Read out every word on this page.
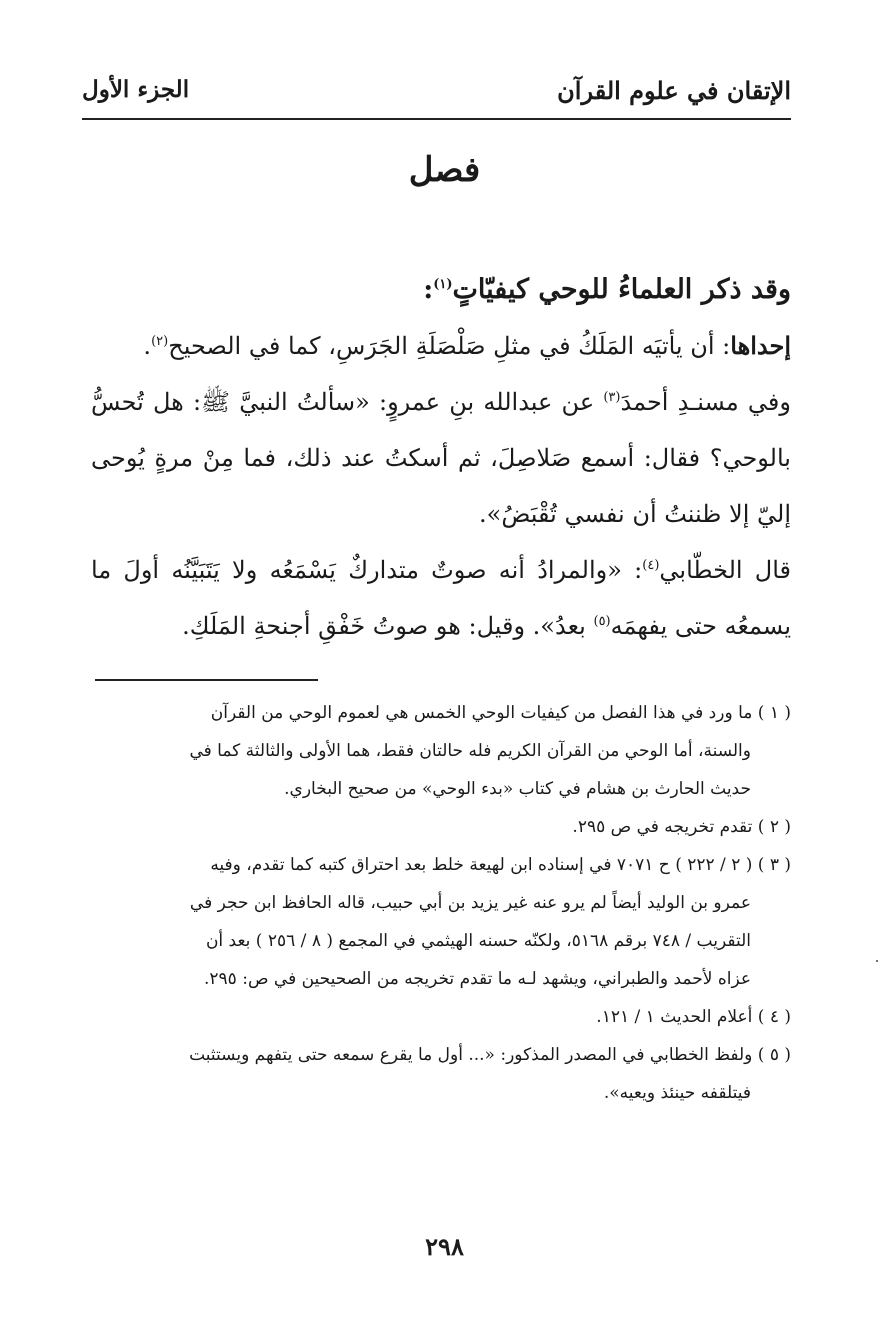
الإتقان في علوم القرآن
الجزء الأول
فصل

وقد ذكر العلماءُ للوحي كيفيّاتٍ$^{(١)}$:

إحداها: أن يأتيَه المَلَكُ في مثلِ صَلْصَلَةِ الجَرَسِ، كما في الصحيح$^{(٢)}$.

وفي مسنـدِ أحمدَ$^{(٣)}$ عن عبدالله بنِ عمروٍ: «سألتُ النبيَّ ﷺ: هل تُحسُّ بالوحي؟ فقال: أسمع صَلاصِلَ، ثم أسكتُ عند ذلك، فما مِنْ مرةٍ يُوحى إليّ إلا ظننتُ أن نفسي تُقْبَضُ».

قال الخطّابي$^{(٤)}$: «والمرادُ أنه صوتٌ متداركٌ يَسْمَعُه ولا يَتَبَيَّنُه أولَ ما يسمعُه حتى يفهمَه$^{(٥)}$ بعدُ». وقيل: هو صوتُ خَفْقِ أجنحةِ المَلَكِ.

( ١ ) ما ورد في هذا الفصل من كيفيات الوحي الخمس هي لعموم الوحي من القرآن

والسنة، أما الوحي من القرآن الكريم فله حالتان فقط، هما الأولى والثالثة كما في

حديث الحارث بن هشام في كتاب «بدء الوحي» من صحيح البخاري.

( ٢ ) تقدم تخريجه في ص ٢٩٥.

( ٣ ) ( ٢ / ٢٢٢ ) ح ٧٠٧١ في إسناده ابن لهيعة خلط بعد احتراق كتبه كما تقدم، وفيه

عمرو بن الوليد أيضاً لم يرو عنه غير يزيد بن أبي حبيب، قاله الحافظ ابن حجر في

التقريب / ٧٤٨ برقم ٥١٦٨، ولكنّه حسنه الهيثمي في المجمع ( ٨ / ٢٥٦ ) بعد أن

عزاه لأحمد والطبراني، ويشهد لـه ما تقدم تخريجه من الصحيحين في ص: ٢٩٥.

( ٤ ) أعلام الحديث ١ / ١٢١.

( ٥ ) ولفظ الخطابي في المصدر المذكور: «... أول ما يقرع سمعه حتى يتفهم ويستثبت

فيتلقفه حينئذ ويعيه».

٢٩٨
